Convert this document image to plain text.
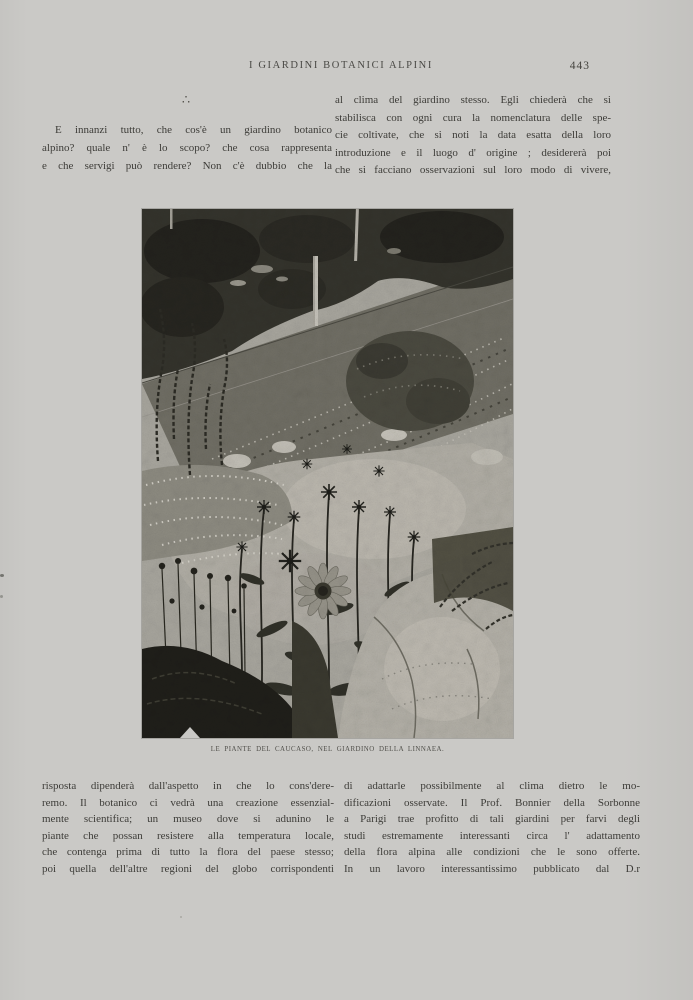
I GIARDINI BOTANICI ALPINI	443
∴
E innanzi tutto, che cos'è un giardino botanico
alpino? quale n' è lo scopo? che cosa rappresenta
e che servigi può rendere? Non c'è dubbio che la
al clima del giardino stesso. Egli chiederà che si
stabilisca con ogni cura la nomenclatura delle spe-
cie coltivate, che si noti la data esatta della loro
introduzione e il luogo d' origine ; desidererà poi
che si facciano osservazioni sul loro modo di vivere,
LE PIANTE DEL CAUCASO, NEL GIARDINO DELLA LINNAEA.
risposta dipenderà dall'aspetto in che lo cons'dere-
remo. Il botanico ci vedrà una creazione essenzial-
mente scientifica; un museo dove si adunino le
piante che possan resistere alla temperatura locale,
che contenga prima di tutto la flora del paese stesso;
poi quella dell'altre regioni del globo corrispondenti
di adattarle possibilmente al clima dietro le mo-
dificazioni osservate. Il Prof. Bonnier della Sorbonne
a Parigi trae profitto di tali giardini per farvi degli
studi estremamente interessanti circa l' adattamento
della flora alpina alle condizioni che le sono offerte.
In un lavoro interessantissimo pubblicato dal D.r
